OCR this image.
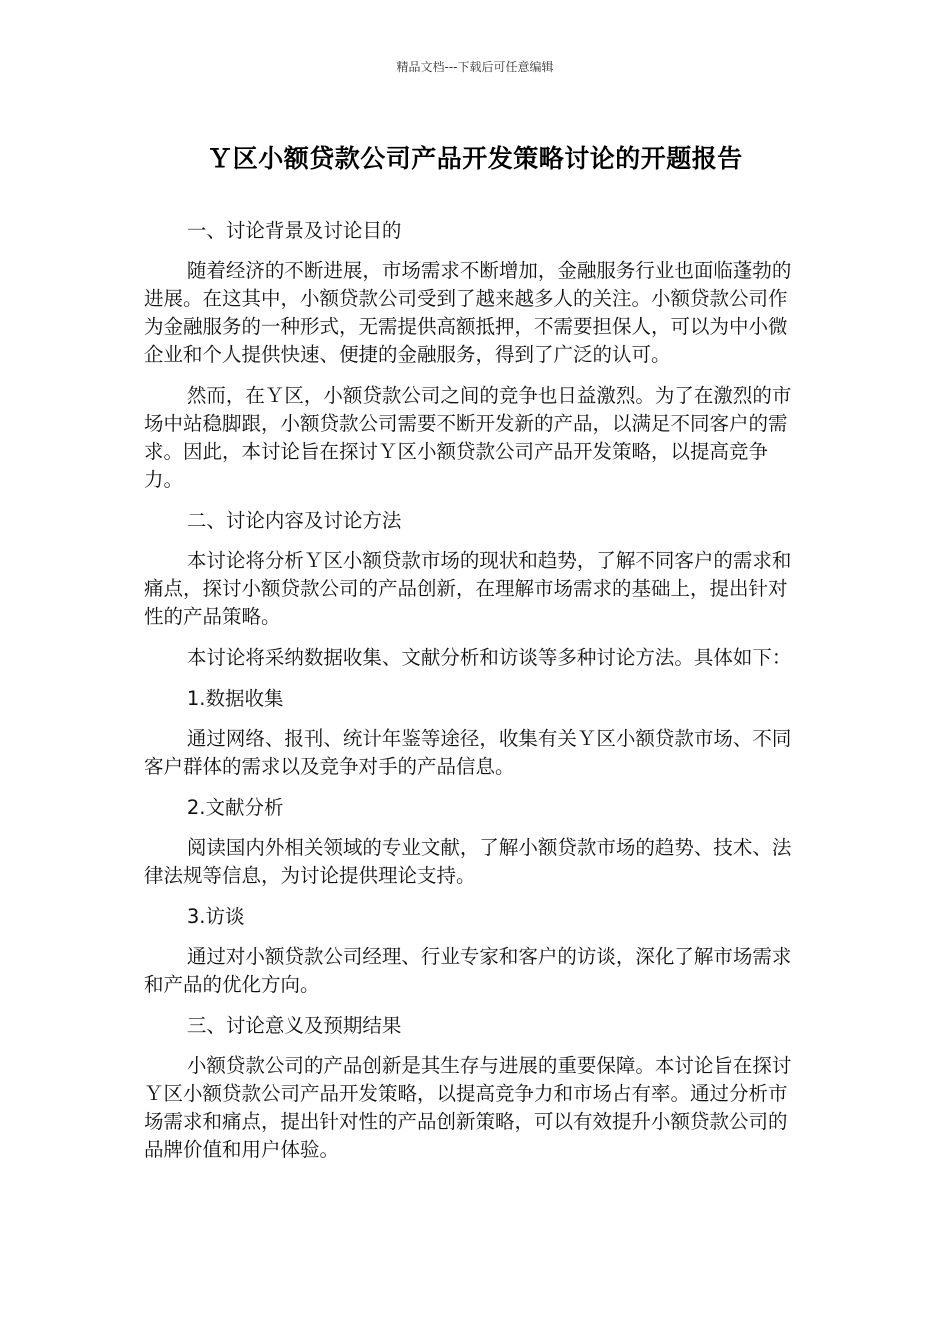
精品文档---下载后可任意编辑
Ｙ区小额贷款公司产品开发策略讨论的开题报告

一、讨论背景及讨论目的

随着经济的不断进展，市场需求不断增加，金融服务行业也面临蓬勃的进展。在这其中，小额贷款公司受到了越来越多人的关注。小额贷款公司作为金融服务的一种形式，无需提供高额抵押，不需要担保人，可以为中小微企业和个人提供快速、便捷的金融服务，得到了广泛的认可。

然而，在Ｙ区，小额贷款公司之间的竞争也日益激烈。为了在激烈的市场中站稳脚跟，小额贷款公司需要不断开发新的产品，以满足不同客户的需求。因此，本讨论旨在探讨Ｙ区小额贷款公司产品开发策略，以提高竞争力。

二、讨论内容及讨论方法

本讨论将分析Ｙ区小额贷款市场的现状和趋势，了解不同客户的需求和痛点，探讨小额贷款公司的产品创新，在理解市场需求的基础上，提出针对性的产品策略。

本讨论将采纳数据收集、文献分析和访谈等多种讨论方法。具体如下：

1.数据收集

通过网络、报刊、统计年鉴等途径，收集有关Ｙ区小额贷款市场、不同客户群体的需求以及竞争对手的产品信息。

2.文献分析

阅读国内外相关领域的专业文献，了解小额贷款市场的趋势、技术、法律法规等信息，为讨论提供理论支持。

3.访谈

通过对小额贷款公司经理、行业专家和客户的访谈，深化了解市场需求和产品的优化方向。

三、讨论意义及预期结果

小额贷款公司的产品创新是其生存与进展的重要保障。本讨论旨在探讨Ｙ区小额贷款公司产品开发策略，以提高竞争力和市场占有率。通过分析市场需求和痛点，提出针对性的产品创新策略，可以有效提升小额贷款公司的品牌价值和用户体验。
